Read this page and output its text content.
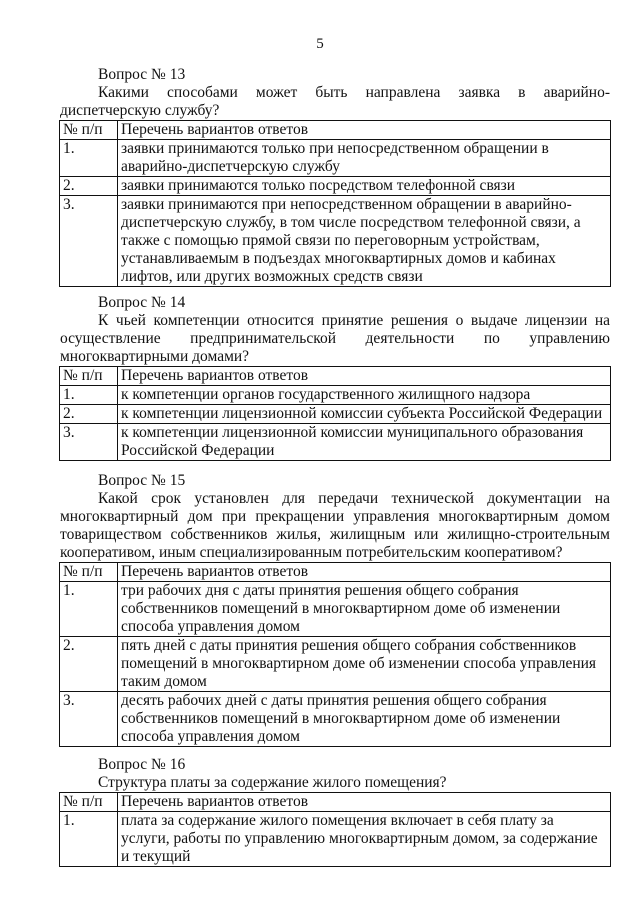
5
Вопрос № 13
Какими способами может быть направлена заявка в аварийно-диспетчерскую службу?
№ п/п	Перечень вариантов ответов
1.	заявки принимаются только при непосредственном обращении в аварийно-диспетчерскую службу
2.	заявки принимаются только посредством телефонной связи
3.	заявки принимаются при непосредственном обращении в аварийно-диспетчерскую службу, в том числе посредством телефонной связи, а также с помощью прямой связи по переговорным устройствам, устанавливаемым в подъездах многоквартирных домов и кабинах лифтов, или других возможных средств связи
Вопрос № 14
К чьей компетенции относится принятие решения о выдаче лицензии на осуществление предпринимательской деятельности по управлению многоквартирными домами?
№ п/п	Перечень вариантов ответов
1.	к компетенции органов государственного жилищного надзора
2.	к компетенции лицензионной комиссии субъекта Российской Федерации
3.	к компетенции лицензионной комиссии муниципального образования Российской Федерации
Вопрос № 15
Какой срок установлен для передачи технической документации на многоквартирный дом при прекращении управления многоквартирным домом товариществом собственников жилья, жилищным или жилищно-строительным кооперативом, иным специализированным потребительским кооперативом?
№ п/п	Перечень вариантов ответов
1.	три рабочих дня с даты принятия решения общего собрания собственников помещений в многоквартирном доме об изменении способа управления домом
2.	пять дней с даты принятия решения общего собрания собственников помещений в многоквартирном доме об изменении способа управления таким домом
3.	десять рабочих дней с даты принятия решения общего собрания собственников помещений в многоквартирном доме об изменении способа управления домом
Вопрос № 16
Структура платы за содержание жилого помещения?
№ п/п	Перечень вариантов ответов
1.	плата за содержание жилого помещения включает в себя плату за услуги, работы по управлению многоквартирным домом, за содержание и текущий
